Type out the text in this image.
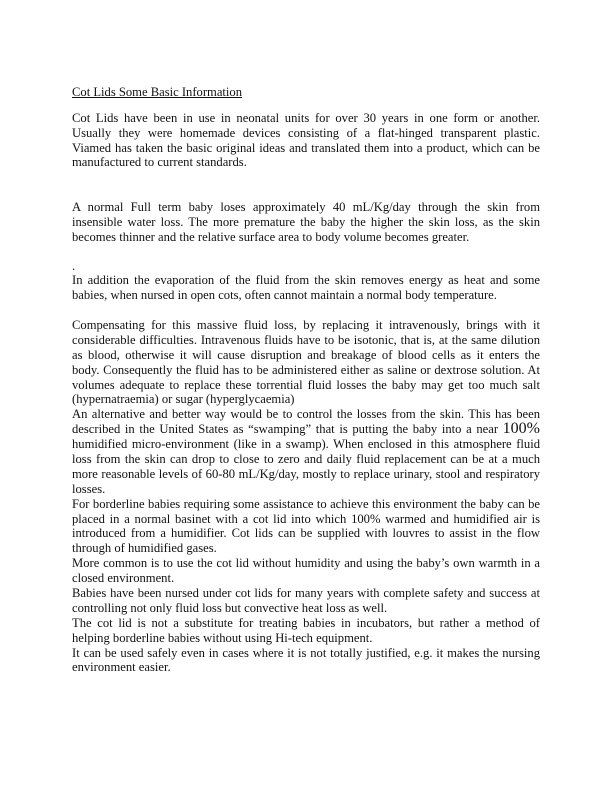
Cot Lids Some Basic Information
Cot Lids have been in use in neonatal units for over 30 years in one form or another.
Usually they were homemade devices consisting of a flat-hinged transparent plastic.
Viamed has taken the basic original ideas and translated them into a product, which can be
manufactured to current standards.
A normal Full term baby loses approximately 40 mL/Kg/day through the skin from
insensible water loss. The more premature the baby the higher the skin loss, as the skin
becomes thinner and the relative surface area to body volume becomes greater.
.
In addition the evaporation of the fluid from the skin removes energy as heat and some
babies, when nursed in open cots, often cannot maintain a normal body temperature.
Compensating for this massive fluid loss, by replacing it intravenously, brings with it
considerable difficulties. Intravenous fluids have to be isotonic, that is, at the same dilution
as blood, otherwise it will cause disruption and breakage of blood cells as it enters the
body. Consequently the fluid has to be administered either as saline or dextrose solution. At
volumes adequate to replace these torrential fluid losses the baby may get too much salt
(hypernatraemia) or sugar (hyperglycaemia)
An alternative and better way would be to control the losses from the skin. This has been
described in the United States as “swamping” that is putting the baby into a near 100%
humidified micro-environment (like in a swamp). When enclosed in this atmosphere fluid
loss from the skin can drop to close to zero and daily fluid replacement can be at a much
more reasonable levels of 60-80 mL/Kg/day, mostly to replace urinary, stool and respiratory
losses.
For borderline babies requiring some assistance to achieve this environment the baby can be
placed in a normal basinet with a cot lid into which 100% warmed and humidified air is
introduced from a humidifier. Cot lids can be supplied with louvres to assist in the flow
through of humidified gases.
More common is to use the cot lid without humidity and using the baby’s own warmth in a
closed environment.
Babies have been nursed under cot lids for many years with complete safety and success at
controlling not only fluid loss but convective heat loss as well.
The cot lid is not a substitute for treating babies in incubators, but rather a method of
helping borderline babies without using Hi-tech equipment.
It can be used safely even in cases where it is not totally justified, e.g. it makes the nursing
environment easier.
